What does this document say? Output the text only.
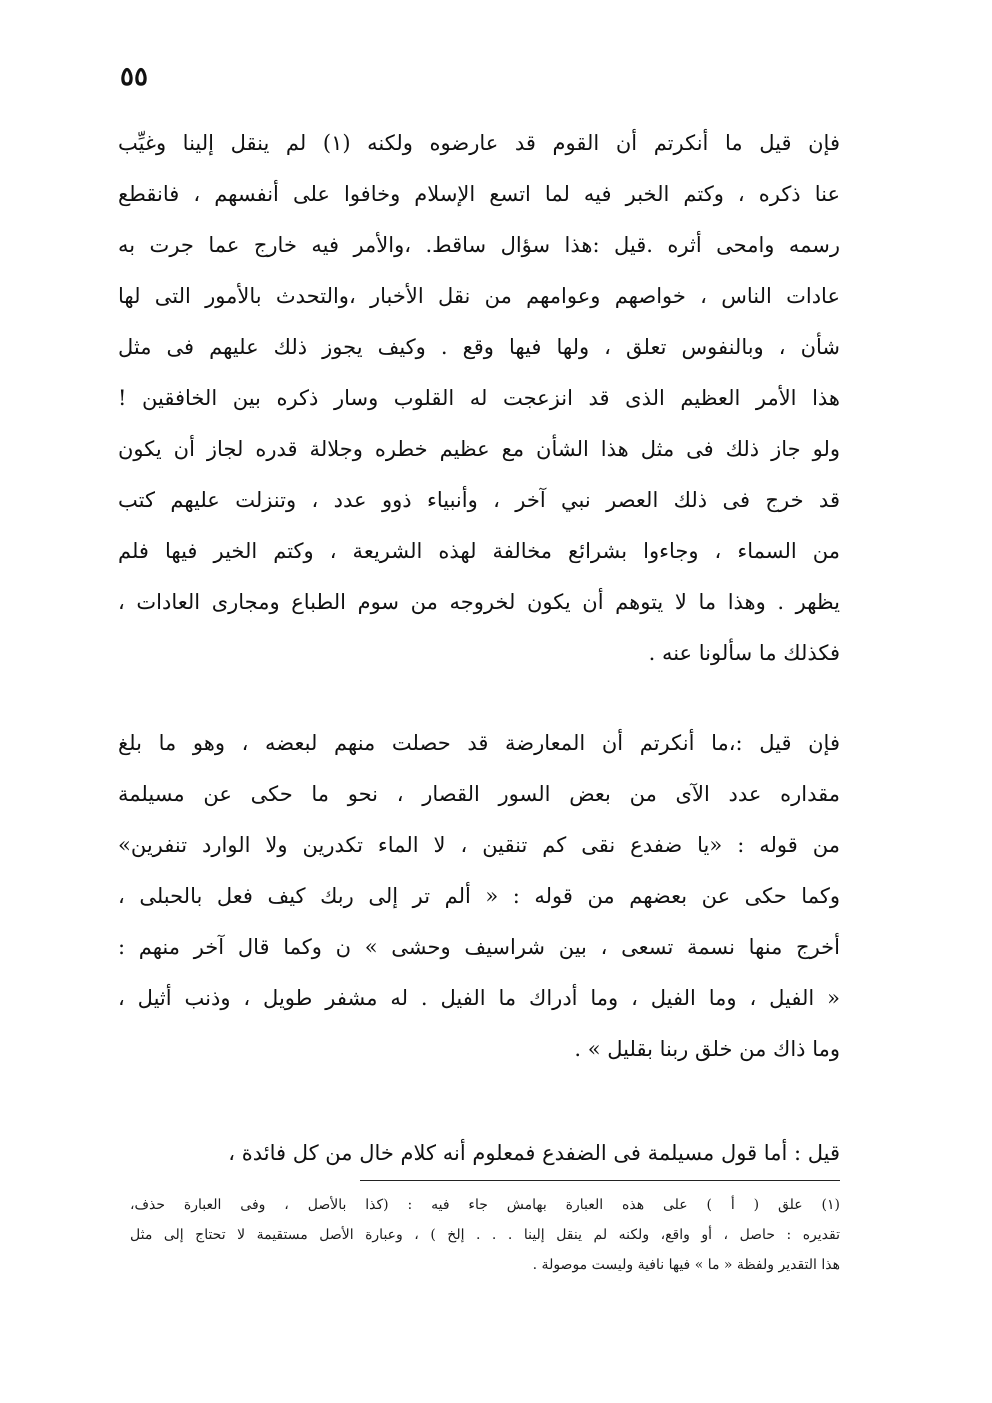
٥٥
فإن قيل ما أنكرتم أن القوم قد عارضوه ولكنه (١) لم ينقل إلينا وغيِّب
عنا ذكره ، وكتم الخبر فيه لما اتسع الإسلام وخافوا على أنفسهم ، فانقطع
رسمه وامحى أثره .قيل :هذا سؤال ساقط. ،والأمر فيه خارج عما جرت به
عادات الناس ، خواصهم وعوامهم من نقل الأخبار ،والتحدث بالأمور التى لها
شأن ، وبالنفوس تعلق ، ولها فيها وقع . وكيف يجوز ذلك عليهم فى مثل
هذا الأمر العظيم الذى قد انزعجت له القلوب وسار ذكره بين الخافقين !
ولو جاز ذلك فى مثل هذا الشأن مع عظيم خطره وجلالة قدره لجاز أن يكون
قد خرج فى ذلك العصر نبي آخر ، وأنبياء ذوو عدد ، وتنزلت عليهم كتب
من السماء ، وجاءوا بشرائع مخالفة لهذه الشريعة ، وكتم الخير فيها فلم
يظهر . وهذا ما لا يتوهم أن يكون لخروجه من سوم الطباع ومجارى العادات ،
فكذلك ما سألونا عنه .
فإن قيل :،ما أنكرتم أن المعارضة قد حصلت منهم لبعضه ، وهو ما بلغ
مقداره عدد الآى من بعض السور القصار ، نحو ما حكى عن مسيلمة
من قوله : «يا ضفدع نقى كم تنقين ، لا الماء تكدرين ولا الوارد تنفرين»
وكما حكى عن بعضهم من قوله : « ألم تر إلى ربك كيف فعل بالحبلى ،
أخرج منها نسمة تسعى ، بين شراسيف وحشى » ن وكما قال آخر منهم :
« الفيل ، وما الفيل ، وما أدراك ما الفيل . له مشفر طويل ، وذنب أثيل ،
وما ذاك من خلق ربنا بقليل » .
قيل : أما قول مسيلمة فى الضفدع فمعلوم أنه كلام خال من كل فائدة ،
(١) علق ( أ ) على هذه العبارة بهامش جاء فيه : (كذا بالأصل ، وفى العبارة حذف،
تقديره : حاصل ، أو واقع، ولكنه لم ينقل إلينا . . . إلخ ) ، وعبارة الأصل مستقيمة لا تحتاج إلى مثل
هذا التقدير ولفظة « ما » فيها نافية وليست موصولة .
